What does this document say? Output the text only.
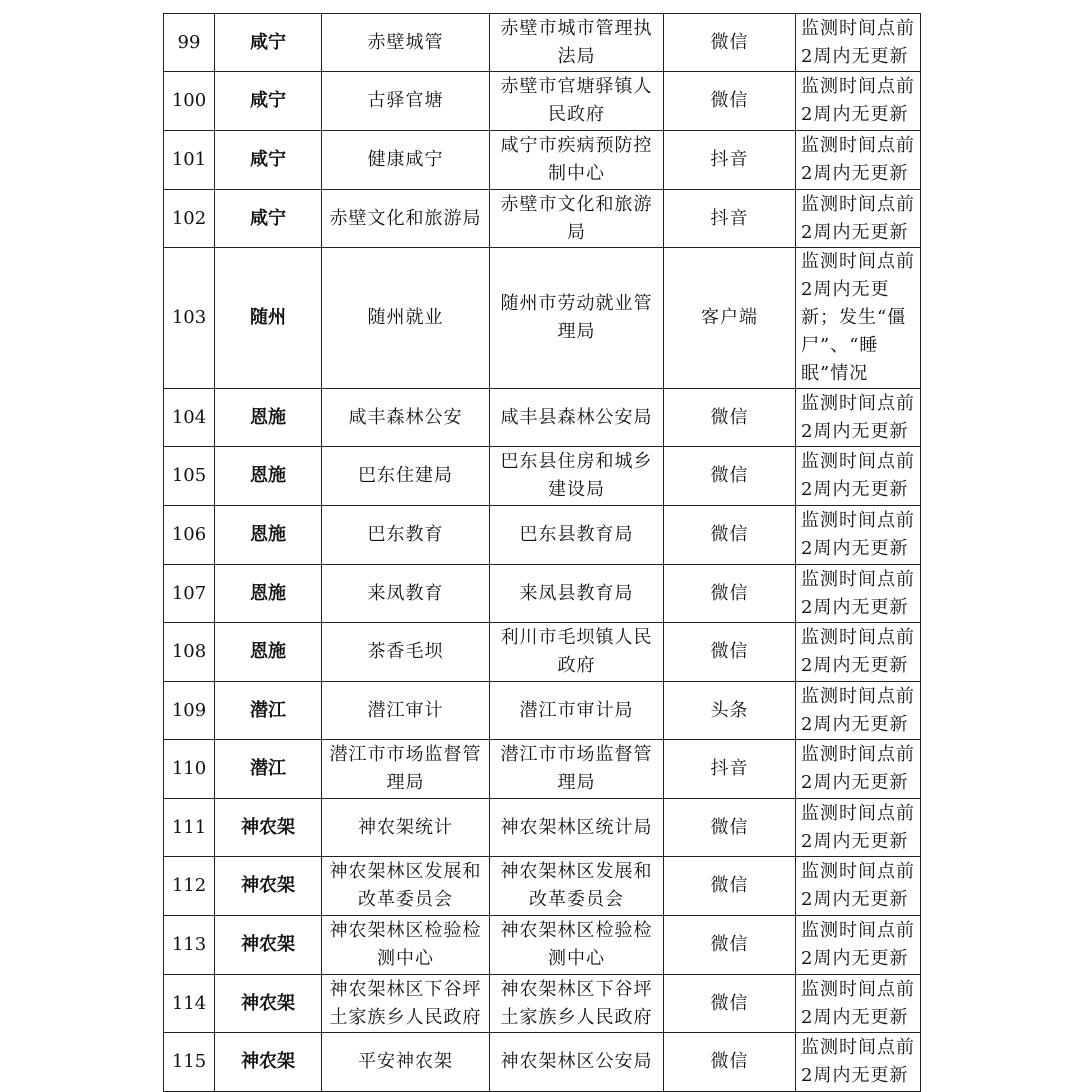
99	咸宁	赤壁城管	赤壁市城市管理执法局	微信	监测时间点前2周内无更新
100	咸宁	古驿官塘	赤壁市官塘驿镇人民政府	微信	监测时间点前2周内无更新
101	咸宁	健康咸宁	咸宁市疾病预防控制中心	抖音	监测时间点前2周内无更新
102	咸宁	赤壁文化和旅游局	赤壁市文化和旅游局	抖音	监测时间点前2周内无更新
103	随州	随州就业	随州市劳动就业管理局	客户端	监测时间点前2周内无更新；发生“僵尸”、“睡眠”情况
104	恩施	咸丰森林公安	咸丰县森林公安局	微信	监测时间点前2周内无更新
105	恩施	巴东住建局	巴东县住房和城乡建设局	微信	监测时间点前2周内无更新
106	恩施	巴东教育	巴东县教育局	微信	监测时间点前2周内无更新
107	恩施	来凤教育	来凤县教育局	微信	监测时间点前2周内无更新
108	恩施	茶香毛坝	利川市毛坝镇人民政府	微信	监测时间点前2周内无更新
109	潜江	潜江审计	潜江市审计局	头条	监测时间点前2周内无更新
110	潜江	潜江市市场监督管理局	潜江市市场监督管理局	抖音	监测时间点前2周内无更新
111	神农架	神农架统计	神农架林区统计局	微信	监测时间点前2周内无更新
112	神农架	神农架林区发展和改革委员会	神农架林区发展和改革委员会	微信	监测时间点前2周内无更新
113	神农架	神农架林区检验检测中心	神农架林区检验检测中心	微信	监测时间点前2周内无更新
114	神农架	神农架林区下谷坪土家族乡人民政府	神农架林区下谷坪土家族乡人民政府	微信	监测时间点前2周内无更新
115	神农架	平安神农架	神农架林区公安局	微信	监测时间点前2周内无更新
